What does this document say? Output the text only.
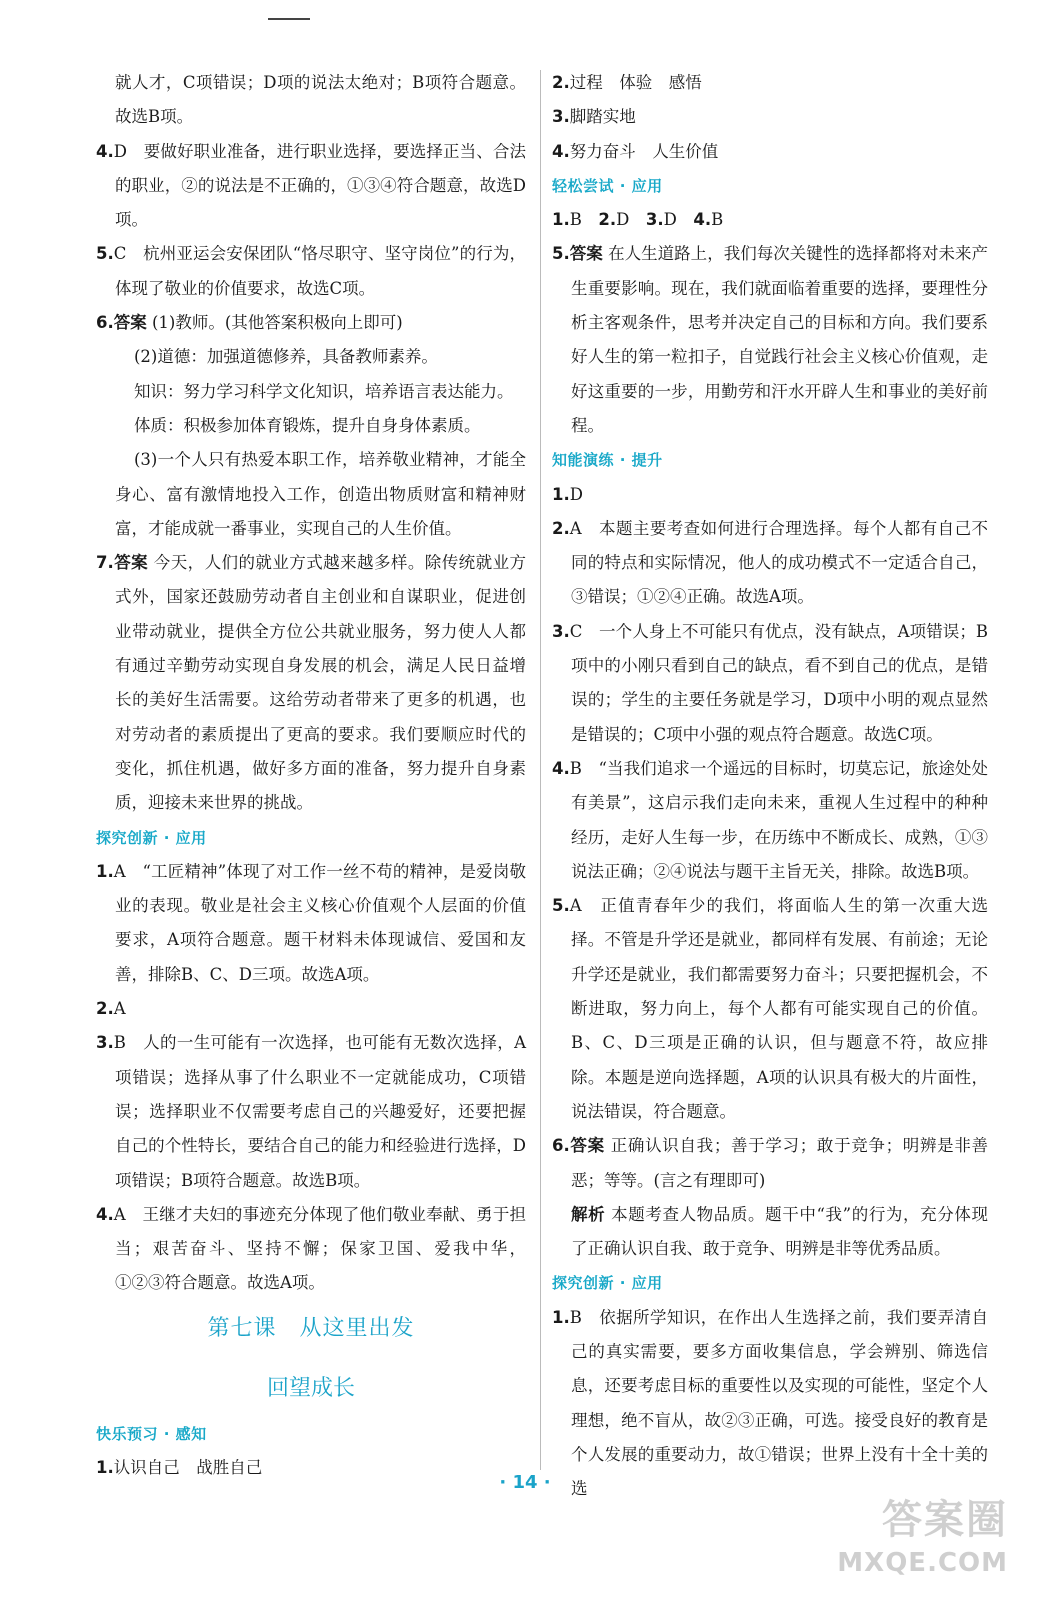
就人才，C项错误；D项的说法太绝对；B项符合题意。故选B项。

4.D　要做好职业准备，进行职业选择，要选择正当、合法的职业，②的说法是不正确的，①③④符合题意，故选D项。

5.C　杭州亚运会安保团队“恪尽职守、坚守岗位”的行为，体现了敬业的价值要求，故选C项。

6.答案 (1)教师。(其他答案积极向上即可)

(2)道德：加强道德修养，具备教师素养。

知识：努力学习科学文化知识，培养语言表达能力。

体质：积极参加体育锻炼，提升自身身体素质。

(3)一个人只有热爱本职工作，培养敬业精神，才能全身心、富有激情地投入工作，创造出物质财富和精神财富，才能成就一番事业，实现自己的人生价值。

7.答案 今天，人们的就业方式越来越多样。除传统就业方式外，国家还鼓励劳动者自主创业和自谋职业，促进创业带动就业，提供全方位公共就业服务，努力使人人都有通过辛勤劳动实现自身发展的机会，满足人民日益增长的美好生活需要。这给劳动者带来了更多的机遇，也对劳动者的素质提出了更高的要求。我们要顺应时代的变化，抓住机遇，做好多方面的准备，努力提升自身素质，迎接未来世界的挑战。

探究创新 · 应用

1.A　“工匠精神”体现了对工作一丝不苟的精神，是爱岗敬业的表现。敬业是社会主义核心价值观个人层面的价值要求，A项符合题意。题干材料未体现诚信、爱国和友善，排除B、C、D三项。故选A项。

2.A

3.B　人的一生可能有一次选择，也可能有无数次选择，A项错误；选择从事了什么职业不一定就能成功，C项错误；选择职业不仅需要考虑自己的兴趣爱好，还要把握自己的个性特长，要结合自己的能力和经验进行选择，D项错误；B项符合题意。故选B项。

4.A　王继才夫妇的事迹充分体现了他们敬业奉献、勇于担当；艰苦奋斗、坚持不懈；保家卫国、爱我中华，①②③符合题意。故选A项。

第七课　从这里出发
回望成长

快乐预习 · 感知

1.认识自己　战胜自己

2.过程　体验　感悟

3.脚踏实地

4.努力奋斗　人生价值

轻松尝试 · 应用

1.B　2.D　3.D　4.B

5.答案 在人生道路上，我们每次关键性的选择都将对未来产生重要影响。现在，我们就面临着重要的选择，要理性分析主客观条件，思考并决定自己的目标和方向。我们要系好人生的第一粒扣子，自觉践行社会主义核心价值观，走好这重要的一步，用勤劳和汗水开辟人生和事业的美好前程。

知能演练 · 提升

1.D

2.A　本题主要考查如何进行合理选择。每个人都有自己不同的特点和实际情况，他人的成功模式不一定适合自己，③错误；①②④正确。故选A项。

3.C　一个人身上不可能只有优点，没有缺点，A项错误；B项中的小刚只看到自己的缺点，看不到自己的优点，是错误的；学生的主要任务就是学习，D项中小明的观点显然是错误的；C项中小强的观点符合题意。故选C项。

4.B　“当我们追求一个遥远的目标时，切莫忘记，旅途处处有美景”，这启示我们走向未来，重视人生过程中的种种经历，走好人生每一步，在历练中不断成长、成熟，①③说法正确；②④说法与题干主旨无关，排除。故选B项。

5.A　正值青春年少的我们，将面临人生的第一次重大选择。不管是升学还是就业，都同样有发展、有前途；无论升学还是就业，我们都需要努力奋斗；只要把握机会，不断进取，努力向上，每个人都有可能实现自己的价值。B、C、D三项是正确的认识，但与题意不符，故应排除。本题是逆向选择题，A项的认识具有极大的片面性，说法错误，符合题意。

6.答案 正确认识自我；善于学习；敢于竞争；明辨是非善恶；等等。(言之有理即可)

解析 本题考查人物品质。题干中“我”的行为，充分体现了正确认识自我、敢于竞争、明辨是非等优秀品质。

探究创新 · 应用

1.B　依据所学知识，在作出人生选择之前，我们要弄清自己的真实需要，要多方面收集信息，学会辨别、筛选信息，还要考虑目标的重要性以及实现的可能性，坚定个人理想，绝不盲从，故②③正确，可选。接受良好的教育是个人发展的重要动力，故①错误；世界上没有十全十美的选

· 14 ·
答案圈
MXQE.COM
